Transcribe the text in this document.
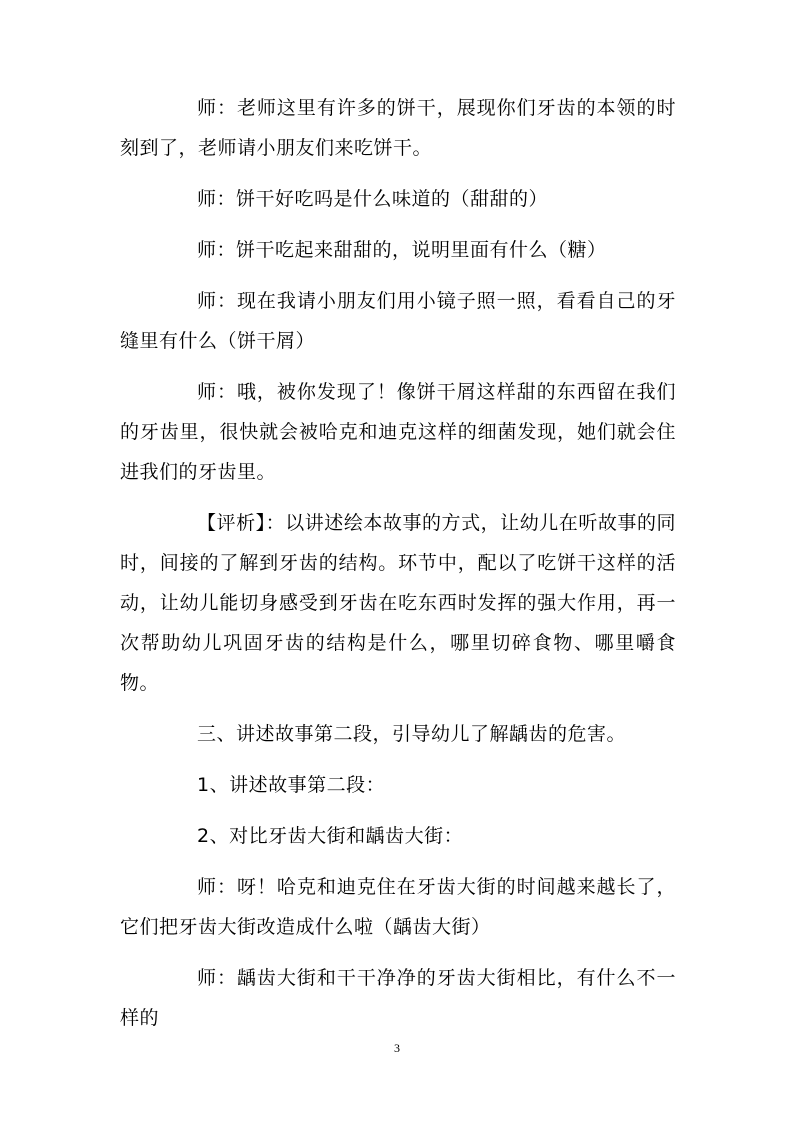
师：老师这里有许多的饼干，展现你们牙齿的本领的时刻到了，老师请小朋友们来吃饼干。

师：饼干好吃吗是什么味道的（甜甜的）

师：饼干吃起来甜甜的，说明里面有什么（糖）

师：现在我请小朋友们用小镜子照一照，看看自己的牙缝里有什么（饼干屑）

师：哦，被你发现了！像饼干屑这样甜的东西留在我们的牙齿里，很快就会被哈克和迪克这样的细菌发现，她们就会住进我们的牙齿里。

【评析】：以讲述绘本故事的方式，让幼儿在听故事的同时，间接的了解到牙齿的结构。环节中，配以了吃饼干这样的活动，让幼儿能切身感受到牙齿在吃东西时发挥的强大作用，再一次帮助幼儿巩固牙齿的结构是什么，哪里切碎食物、哪里嚼食物。

三、讲述故事第二段，引导幼儿了解龋齿的危害。

1、讲述故事第二段：

2、对比牙齿大街和龋齿大街：

师：呀！哈克和迪克住在牙齿大街的时间越来越长了，它们把牙齿大街改造成什么啦（龋齿大街）

师：龋齿大街和干干净净的牙齿大街相比，有什么不一样的

3
